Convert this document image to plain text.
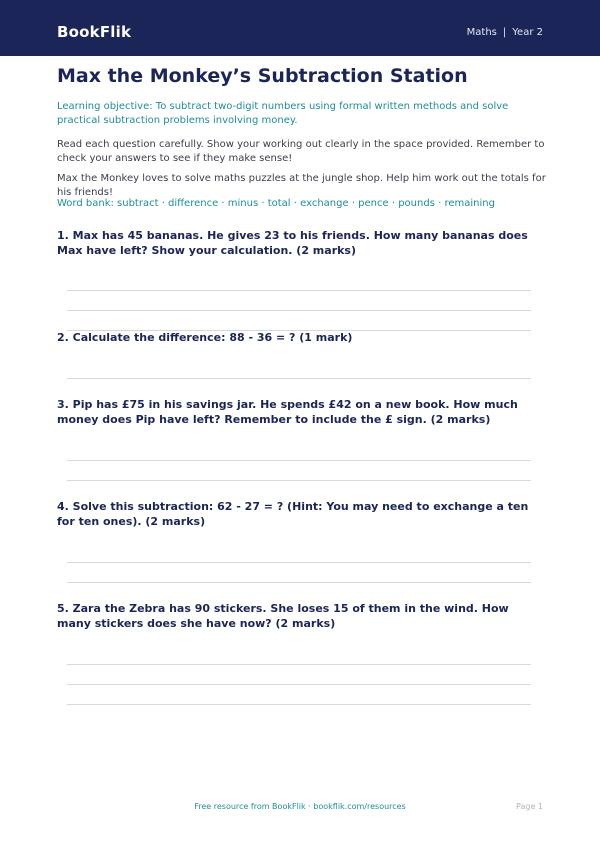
BookFlik	Maths | Year 2
Max the Monkey’s Subtraction Station

Learning objective: To subtract two-digit numbers using formal written methods and solve practical subtraction problems involving money.

Read each question carefully. Show your working out clearly in the space provided. Remember to check your answers to see if they make sense!

Max the Monkey loves to solve maths puzzles at the jungle shop. Help him work out the totals for his friends!

Word bank: subtract · difference · minus · total · exchange · pence · pounds · remaining

1. Max has 45 bananas. He gives 23 to his friends. How many bananas does Max have left? Show your calculation. (2 marks)

2. Calculate the difference: 88 - 36 = ? (1 mark)

3. Pip has £75 in his savings jar. He spends £42 on a new book. How much money does Pip have left? Remember to include the £ sign. (2 marks)

4. Solve this subtraction: 62 - 27 = ? (Hint: You may need to exchange a ten for ten ones). (2 marks)

5. Zara the Zebra has 90 stickers. She loses 15 of them in the wind. How many stickers does she have now? (2 marks)

Free resource from BookFlik · bookflik.com/resources	Page 1
